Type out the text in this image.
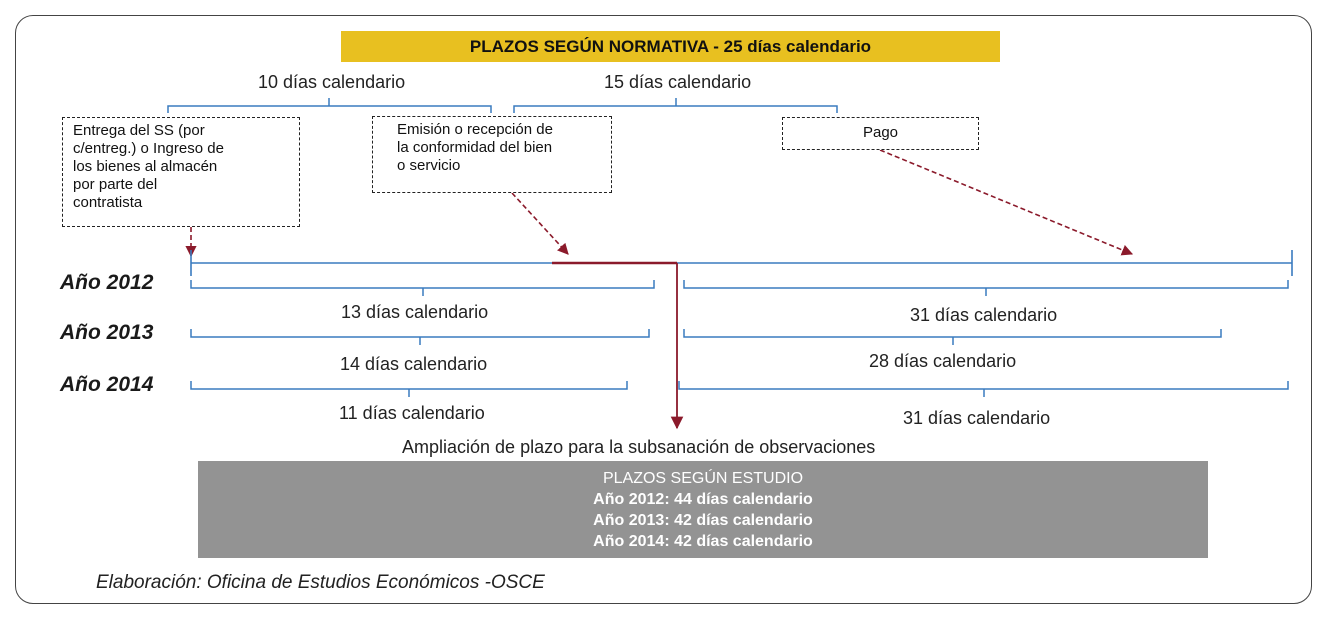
PLAZOS SEGÚN NORMATIVA - 25 días calendario
10 días calendario	15 días calendario
Entrega del SS (por
c/entreg.) o Ingreso de
los bienes al almacén
por parte del
contratista
Emisión o recepción de
la conformidad del bien
o servicio
Pago
Año 2012
Año 2013
Año 2014
13 días calendario	31 días calendario
14 días calendario	28 días calendario
11 días calendario	31 días calendario
Ampliación de plazo para la subsanación de observaciones
PLAZOS SEGÚN ESTUDIO
Año 2012: 44 días calendario
Año 2013: 42 días calendario
Año 2014: 42 días calendario
Elaboración: Oficina de Estudios Económicos -OSCE
